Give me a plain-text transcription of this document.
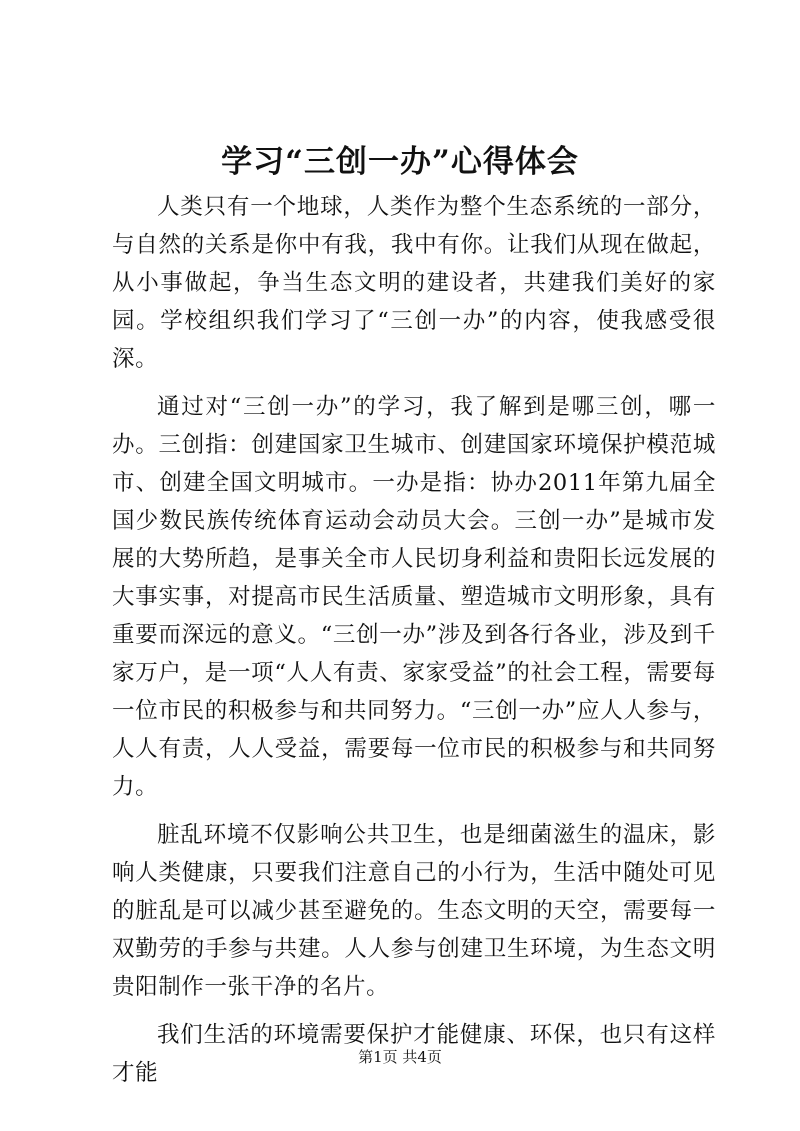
学习“三创一办”心得体会

人类只有一个地球，人类作为整个生态系统的一部分，与自然的关系是你中有我，我中有你。让我们从现在做起，从小事做起，争当生态文明的建设者，共建我们美好的家园。学校组织我们学习了“三创一办”的内容，使我感受很深。

通过对“三创一办”的学习，我了解到是哪三创，哪一办。三创指：创建国家卫生城市、创建国家环境保护模范城市、创建全国文明城市。一办是指：协办2011年第九届全国少数民族传统体育运动会动员大会。三创一办”是城市发展的大势所趋，是事关全市人民切身利益和贵阳长远发展的大事实事，对提高市民生活质量、塑造城市文明形象，具有重要而深远的意义。“三创一办”涉及到各行各业，涉及到千家万户，是一项“人人有责、家家受益”的社会工程，需要每一位市民的积极参与和共同努力。“三创一办”应人人参与，人人有责，人人受益，需要每一位市民的积极参与和共同努力。

脏乱环境不仅影响公共卫生，也是细菌滋生的温床，影响人类健康，只要我们注意自己的小行为，生活中随处可见的脏乱是可以减少甚至避免的。生态文明的天空，需要每一双勤劳的手参与共建。人人参与创建卫生环境，为生态文明贵阳制作一张干净的名片。

我们生活的环境需要保护才能健康、环保，也只有这样才能

第1页 共4页
